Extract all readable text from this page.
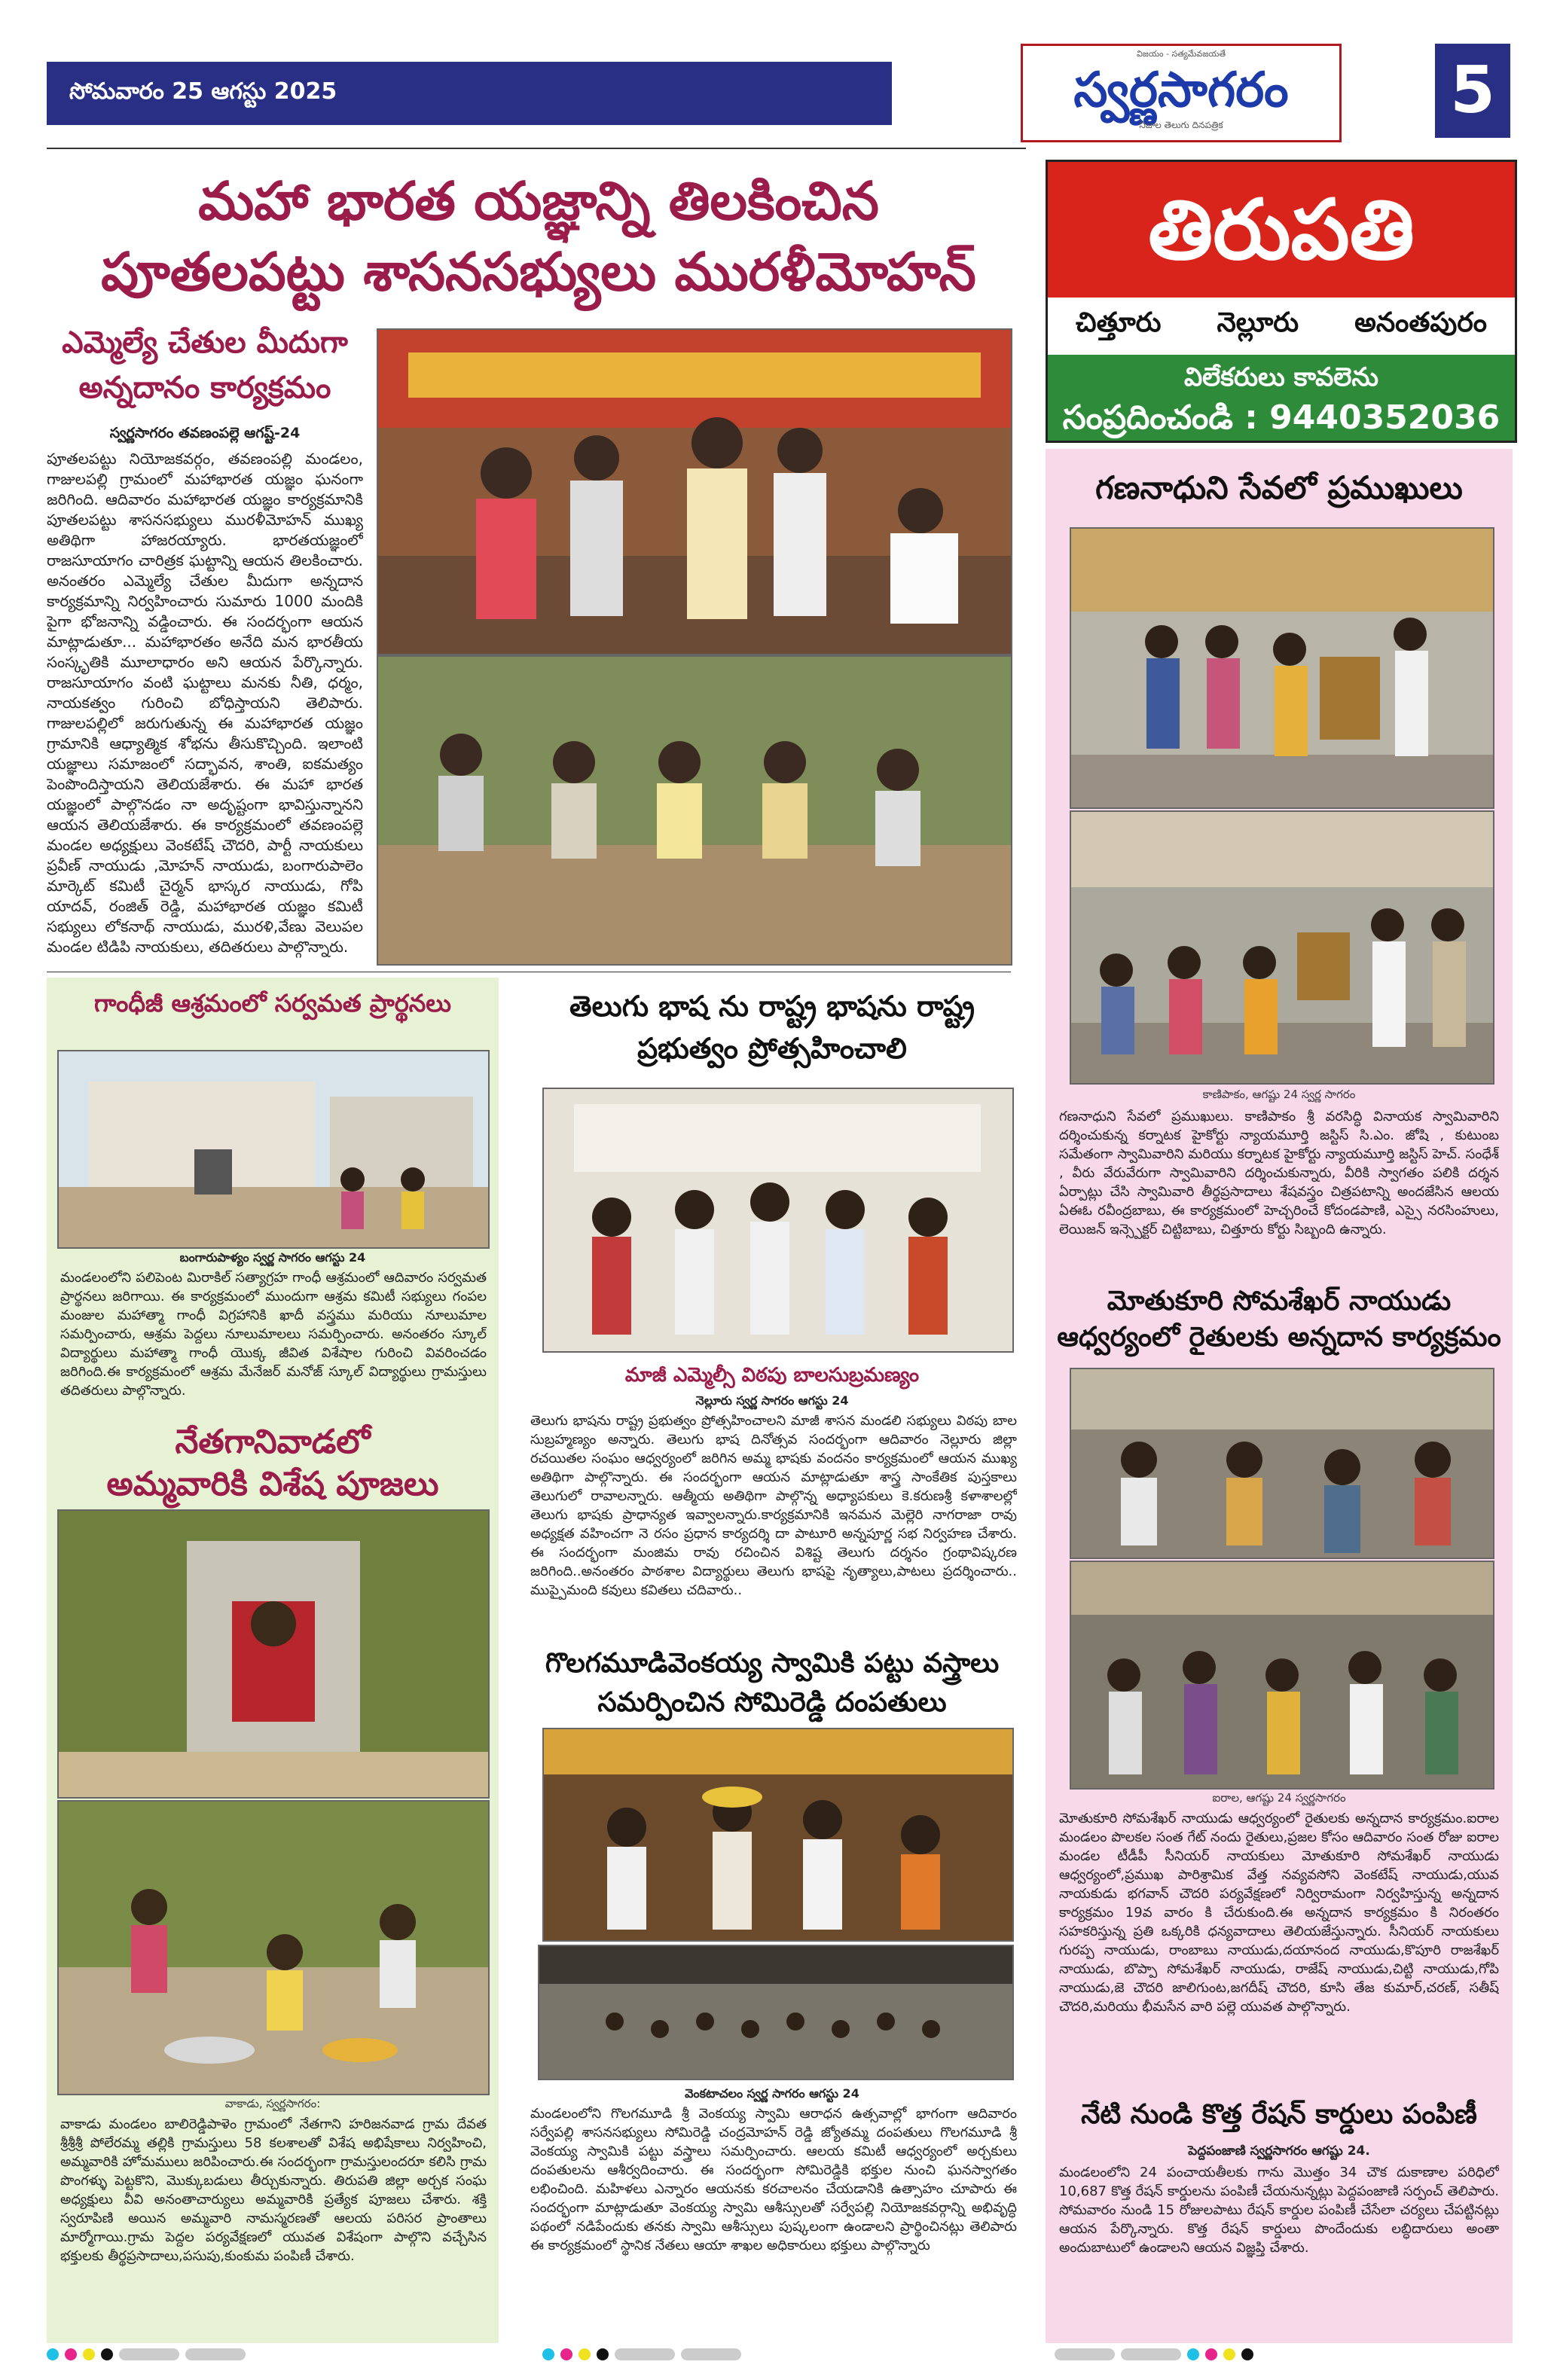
సోమవారం 25 ఆగస్టు 2025
విజయం - సత్యమేవజయతే
స్వర్ణసాగరం
నిజాల తెలుగు దినపత్రిక	5
మహా భారత యజ్ఞాన్ని తిలకించిన
పూతలపట్టు శాసనసభ్యులు మురళీమోహన్
ఎమ్మెల్యే చేతుల మీదుగా
అన్నదానం కార్యక్రమం
స్వర్ణసాగరం తవణంపల్లె ఆగష్ట్-24
పూతలపట్టు నియోజకవర్గం, తవణంపల్లి మండలం, గాజులపల్లి గ్రామంలో మహాభారత యజ్ఞం ఘనంగా జరిగింది. ఆదివారం మహాభారత యజ్ఞం కార్యక్రమానికి పూతలపట్టు శాసనసభ్యులు మురళీమోహన్ ముఖ్య అతిథిగా హాజరయ్యారు. భారతయజ్ఞంలో రాజసూయాగం చారిత్రక ఘట్టాన్ని ఆయన తిలకించారు. అనంతరం ఎమ్మెల్యే చేతుల మీదుగా అన్నదాన కార్యక్రమాన్ని నిర్వహించారు సుమారు 1000 మందికి పైగా భోజనాన్ని వడ్డించారు. ఈ సందర్భంగా ఆయన మాట్లాడుతూ... మహాభారతం అనేది మన భారతీయ సంస్కృతికి మూలాధారం అని ఆయన పేర్కొన్నారు. రాజసూయాగం వంటి ఘట్టాలు మనకు నీతి, ధర్మం, నాయకత్వం గురించి బోధిస్తాయని తెలిపారు. గాజులపల్లిలో జరుగుతున్న ఈ మహాభారత యజ్ఞం గ్రామానికి ఆధ్యాత్మిక శోభను తీసుకొచ్చింది. ఇలాంటి యజ్ఞాలు సమాజంలో సద్భావన, శాంతి, ఐకమత్యం పెంపొందిస్తాయని తెలియజేశారు. ఈ మహా భారత యజ్ఞంలో పాల్గొనడం నా అదృష్టంగా భావిస్తున్నానని ఆయన తెలియజేశారు. ఈ కార్యక్రమంలో తవణంపల్లె మండల అధ్యక్షులు వెంకటేష్ చౌదరి, పార్టీ నాయకులు ప్రవీణ్ నాయుడు ,మోహన్ నాయుడు, బంగారుపాలెం మార్కెట్ కమిటీ చైర్మన్ భాస్కర నాయుడు, గోపి యాదవ్, రంజిత్ రెడ్డి, మహాభారత యజ్ఞం కమిటీ సభ్యులు లోకనాథ్ నాయుడు, మురళి,వేణు వెలుపల మండల టిడిపి నాయకులు, తదితరులు పాల్గొన్నారు.
తిరుపతి
చిత్తూరు నెల్లూరు అనంతపురం
విలేకరులు కావలెను
సంప్రదించండి : 9440352036
గణనాధుని సేవలో ప్రముఖులు
కాణిపాకం, ఆగష్టు 24 స్వర్ణ సాగరం
గణనాధుని సేవలో ప్రముఖులు. కాణిపాకం శ్రీ వరసిద్ధి వినాయక స్వామివారిని దర్శించుకున్న కర్నాటక హైకోర్టు న్యాయమూర్తి జస్టిస్ సి.ఎం. జోషి , కుటుంబ సమేతంగా స్వామివారిని మరియు కర్నాటక హైకోర్టు న్యాయమూర్తి జస్టిస్ హెచ్. సంధేశ్ , వీరు వేరువేరుగా స్వామివారిని దర్శించుకున్నారు, వీరికి స్వాగతం పలికి దర్శన ఏర్పాట్లు చేసి స్వామివారి తీర్థప్రసాదాలు శేషవస్త్రం చిత్రపటాన్ని అందజేసిన ఆలయ ఏఈఓ రవీంద్రబాబు, ఈ కార్యక్రమంలో హెచ్చరించే కోదండపాణి, ఎస్సై నరసింహులు, లెయిజన్ ఇన్స్పెక్టర్ చిట్టిబాబు, చిత్తూరు కోర్టు సిబ్బంది ఉన్నారు.
మోతుకూరి సోమశేఖర్ నాయుడు
ఆధ్వర్యంలో రైతులకు అన్నదాన కార్యక్రమం
ఐరాల, ఆగష్టు 24 స్వర్ణసాగరం
మోతుకూరి సోమశేఖర్ నాయుడు ఆధ్వర్యంలో రైతులకు అన్నదాన కార్యక్రమం.ఐరాల మండలం పొలకల సంత గేట్ నందు రైతులు,ప్రజల కోసం ఆదివారం సంత రోజు ఐరాల మండల టీడీపీ సీనియర్ నాయకులు మోతుకూరి సోమశేఖర్ నాయుడు ఆధ్వర్యంలో,ప్రముఖ పారిశ్రామిక వేత్త నవ్యవసోని వెంకటేష్ నాయుడు,యువ నాయకుడు భగవాన్ చౌదరి పర్యవేక్షణలో నిర్విరామంగా నిర్వహిస్తున్న అన్నదాన కార్యక్రమం 19వ వారం కి చేరుకుంది.ఈ అన్నదాన కార్యక్రమం కి నిరంతరం సహకరిస్తున్న ప్రతి ఒక్కరికి ధన్యవాదాలు తెలియజేస్తున్నారు. సీనియర్ నాయకులు గురప్ప నాయుడు, రాంబాబు నాయుడు,దయానంద నాయుడు,కొపూరి రాజశేఖర్ నాయుడు, బొప్పా సోమశేఖర్ నాయుడు, రాజేష్ నాయుడు,చిట్టి నాయుడు,గోపి నాయుడు,జె చౌదరి జాలిగుంట,జగదీష్ చౌదరి, కూసి తేజ కుమార్,చరణ్, సతీష్ చౌదరి,మరియు భీమసేన వారి పల్లె యువత పాల్గొన్నారు.
నేటి నుండి కొత్త రేషన్ కార్డులు పంపిణీ
పెద్దపంజాణి స్వర్ణసాగరం ఆగష్టు 24.
మండలంలోని 24 పంచాయతీలకు గాను మొత్తం 34 చౌక దుకాణాల పరిధిలో 10,687 కొత్త రేషన్ కార్డులను పంపిణీ చేయనున్నట్లు పెద్దపంజాణి సర్పంచ్ తెలిపారు. సోమవారం నుండి 15 రోజులపాటు రేషన్ కార్డుల పంపిణీ చేసేలా చర్యలు చేపట్టినట్లు ఆయన పేర్కొన్నారు. కొత్త రేషన్ కార్డులు పొందేందుకు లబ్ధిదారులు అంతా అందుబాటులో ఉండాలని ఆయన విజ్ఞప్తి చేశారు.
గాంధీజీ ఆశ్రమంలో సర్వమత ప్రార్థనలు
బంగారుపాళ్యం స్వర్ణ సాగరం ఆగస్టు 24
మండలంలోని పలిపెంట మిరాకిల్ సత్యాగ్రహ గాంధీ ఆశ్రమంలో ఆదివారం సర్వమత ప్రార్థనలు జరిగాయి. ఈ కార్యక్రమంలో ముందుగా ఆశ్రమ కమిటీ సభ్యులు గంపల మంజుల మహాత్మా గాంధీ విగ్రహానికి ఖాదీ వస్త్రము మరియు నూలుమాల సమర్పించారు, ఆశ్రమ పెద్దలు నూలుమాలలు సమర్పించారు. అనంతరం స్కూల్ విద్యార్థులు మహాత్మా గాంధీ యొక్క జీవిత విశేషాల గురించి వివరించడం జరిగింది.ఈ కార్యక్రమంలో ఆశ్రమ మేనేజర్ మనోజ్ స్కూల్ విద్యార్థులు గ్రామస్తులు తదితరులు పాల్గొన్నారు.
నేతగానివాడలో
అమ్మవారికి విశేష పూజలు
వాకాడు, స్వర్ణసాగరం:
వాకాడు మండలం బాలిరెడ్డిపాళెం గ్రామంలో నేతగాని హరిజనవాడ గ్రామ దేవత శ్రీశ్రీశ్రీ పోలేరమ్మ తల్లికి గ్రామస్తులు 58 కలశాలతో విశేష అభిషేకాలు నిర్వహించి, అమ్మవారికి హోమములు జరిపించారు.ఈ సందర్భంగా గ్రామస్తులందరూ కలిసి గ్రామ పొంగళ్ళు పెట్టకొని, మొక్కుబడులు తీర్చుకున్నారు. తిరుపతి జిల్లా అర్చక సంఘ అధ్యక్షులు వీవి అనంతాచార్యులు అమ్మవారికి ప్రత్యేక పూజలు చేశారు. శక్తి స్వరూపిణి అయిన అమ్మవారి నామస్మరణతో ఆలయ పరిసర ప్రాంతాలు మార్మోగాయి.గ్రామ పెద్దల పర్యవేక్షణలో యువత విశేషంగా పాల్గొని వచ్చేసిన భక్తులకు తీర్థప్రసాదాలు,పసుపు,కుంకుమ పంపిణీ చేశారు.
తెలుగు భాష ను రాష్ట్ర భాషను రాష్ట్ర
ప్రభుత్వం ప్రోత్సహించాలి
మాజీ ఎమ్మెల్సీ విఠపు బాలసుబ్రమణ్యం
నెల్లూరు స్వర్ణ సాగరం ఆగస్టు 24
తెలుగు భాషను రాష్ట్ర ప్రభుత్వం ప్రోత్సహించాలని మాజీ శాసన మండలి సభ్యులు విఠపు బాల సుబ్రహ్మణ్యం అన్నారు. తెలుగు భాష దినోత్సవ సందర్భంగా ఆదివారం నెల్లూరు జిల్లా రచయితల సంఘం ఆధ్వర్యంలో జరిగిన అమ్మ భాషకు వందనం కార్యక్రమంలో ఆయన ముఖ్య అతిథిగా పాల్గొన్నారు. ఈ సందర్భంగా ఆయన మాట్లాడుతూ శాస్త్ర సాంకేతిక పుస్తకాలు తెలుగులో రావాలన్నారు. ఆత్మీయ అతిథిగా పాల్గొన్న అధ్యాపకులు కె.కరుణశ్రీ కళాశాలల్లో తెలుగు భాషకు ప్రాధాన్యత ఇవ్వాలన్నారు.కార్యక్రమానికి ఇనమన మెల్లెరి నాగరాజా రావు అధ్యక్షత వహించగా నె రసం ప్రధాన కార్యదర్శి దా పాటూరి అన్నపూర్ణ సభ నిర్వహణ చేశారు. ఈ సందర్భంగా మంజిమ రావు రచించిన విశిష్ట తెలుగు దర్శనం గ్రంథావిష్కరణ జరిగింది..అనంతరం పాఠశాల విద్యార్థులు తెలుగు భాషపై నృత్యాలు,పాటలు ప్రదర్శించారు.. ముప్పైమంది కవులు కవితలు చదివారు..
గొలగమూడివెంకయ్య స్వామికి పట్టు వస్త్రాలు
సమర్పించిన సోమిరెడ్డి దంపతులు
వెంకటాచలం స్వర్ణ సాగరం ఆగస్టు 24
మండలంలోని గొలగమూడి శ్రీ వెంకయ్య స్వామి ఆరాధన ఉత్సవాల్లో భాగంగా ఆదివారం సర్వేపల్లి శాసనసభ్యులు సోమిరెడ్డి చంద్రమోహన్ రెడ్డి జ్యోతమ్మ దంపతులు గొలగమూడి శ్రీ వెంకయ్య స్వామికి పట్టు వస్త్రాలు సమర్పించారు. ఆలయ కమిటీ ఆధ్వర్యంలో అర్చకులు దంపతులను ఆశీర్వదించారు. ఈ సందర్భంగా సోమిరెడ్డికి భక్తుల నుంచి ఘనస్వాగతం లభించింది. మహిళలు ఎన్నారం ఆయనకు కరచాలనం చేయడానికి ఉత్సాహం చూపారు ఈ సందర్భంగా మాట్లాడుతూ వెంకయ్య స్వామి ఆశీస్సులతో సర్వేపల్లి నియోజకవర్గాన్ని అభివృద్ధి పథంలో నడిపేందుకు తనకు స్వామి ఆశీస్సులు పుష్కలంగా ఉండాలని ప్రార్థించినట్లు తెలిపారు ఈ కార్యక్రమంలో స్థానిక నేతలు ఆయా శాఖల అధికారులు భక్తులు పాల్గొన్నారు
